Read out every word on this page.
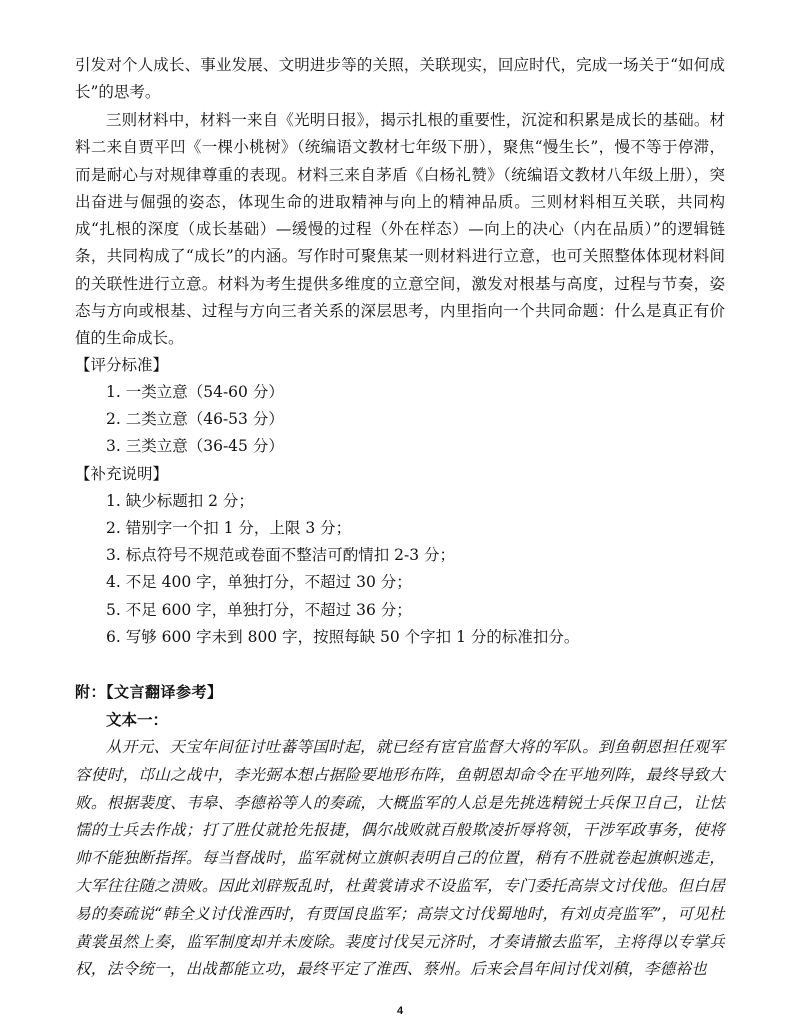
引发对个人成长、事业发展、文明进步等的关照，关联现实，回应时代，完成一场关于“如何成长”的思考。

三则材料中，材料一来自《光明日报》，揭示扎根的重要性，沉淀和积累是成长的基础。材料二来自贾平凹《一棵小桃树》（统编语文教材七年级下册），聚焦“慢生长”，慢不等于停滞，而是耐心与对规律尊重的表现。材料三来自茅盾《白杨礼赞》（统编语文教材八年级上册），突出奋进与倔强的姿态，体现生命的进取精神与向上的精神品质。三则材料相互关联，共同构成“扎根的深度（成长基础）—缓慢的过程（外在样态）—向上的决心（内在品质）”的逻辑链条，共同构成了“成长”的内涵。写作时可聚焦某一则材料进行立意，也可关照整体体现材料间的关联性进行立意。材料为考生提供多维度的立意空间，激发对根基与高度，过程与节奏，姿态与方向或根基、过程与方向三者关系的深层思考，内里指向一个共同命题：什么是真正有价值的生命成长。

【评分标准】
1. 一类立意（54-60 分）
2. 二类立意（46-53 分）
3. 三类立意（36-45 分）
【补充说明】
1. 缺少标题扣 2 分；
2. 错别字一个扣 1 分，上限 3 分；
3. 标点符号不规范或卷面不整洁可酌情扣 2-3 分；
4. 不足 400 字，单独打分，不超过 30 分；
5. 不足 600 字，单独打分，不超过 36 分；
6. 写够 600 字未到 800 字，按照每缺 50 个字扣 1 分的标准扣分。
附：【文言翻译参考】
文本一：

从开元、天宝年间征讨吐蕃等国时起，就已经有宦官监督大将的军队。到鱼朝恩担任观军容使时，邙山之战中，李光弼本想占据险要地形布阵，鱼朝恩却命令在平地列阵，最终导致大败。根据裴度、韦皋、李德裕等人的奏疏，大概监军的人总是先挑选精锐士兵保卫自己，让怯懦的士兵去作战；打了胜仗就抢先报捷，偶尔战败就百般欺凌折辱将领，干涉军政事务，使将帅不能独断指挥。每当督战时，监军就树立旗帜表明自己的位置，稍有不胜就卷起旗帜逃走，大军往往随之溃败。因此刘辟叛乱时，杜黄裳请求不设监军，专门委托高崇文讨伐他。但白居易的奏疏说“韩全义讨伐淮西时，有贾国良监军；高崇文讨伐蜀地时，有刘贞亮监军”，可见杜黄裳虽然上奏，监军制度却并未废除。裴度讨伐吴元济时，才奏请撤去监军，主将得以专掌兵权，法令统一，出战都能立功，最终平定了淮西、蔡州。后来会昌年间讨伐刘稹，李德裕也

4
